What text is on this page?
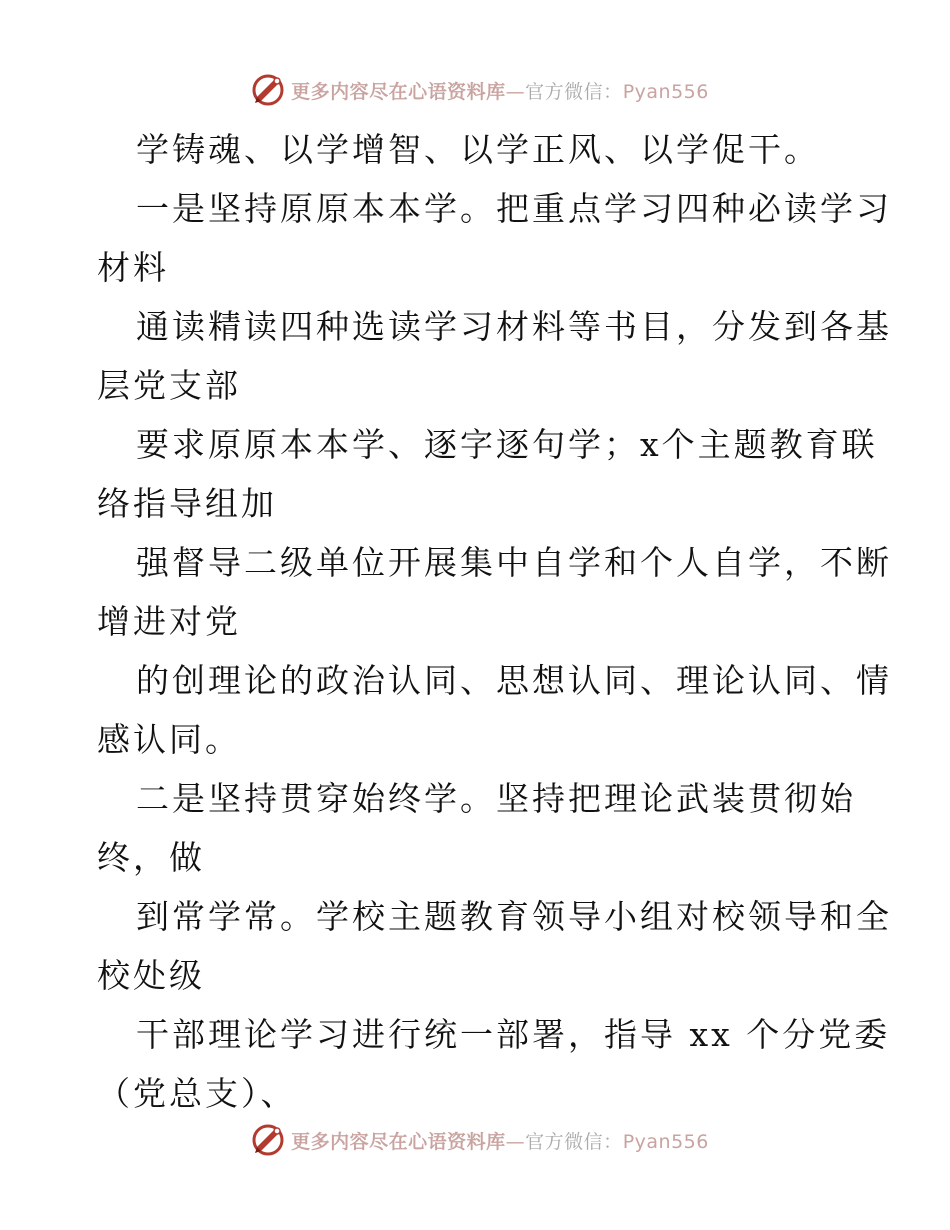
更多内容尽在心语资料库—官方微信：Pyan556
学铸魂、以学增智、以学正风、以学促干。
一是坚持原原本本学。把重点学习四种必读学习
材料
通读精读四种选读学习材料等书目，分发到各基
层党支部
要求原原本本学、逐字逐句学；x个主题教育联
络指导组加
强督导二级单位开展集中自学和个人自学，不断
增进对党
的创理论的政治认同、思想认同、理论认同、情
感认同。
二是坚持贯穿始终学。坚持把理论武装贯彻始
终，做
到常学常。学校主题教育领导小组对校领导和全
校处级
干部理论学习进行统一部署，指导 xx 个分党委
（党总支）、
更多内容尽在心语资料库—官方微信：Pyan556
